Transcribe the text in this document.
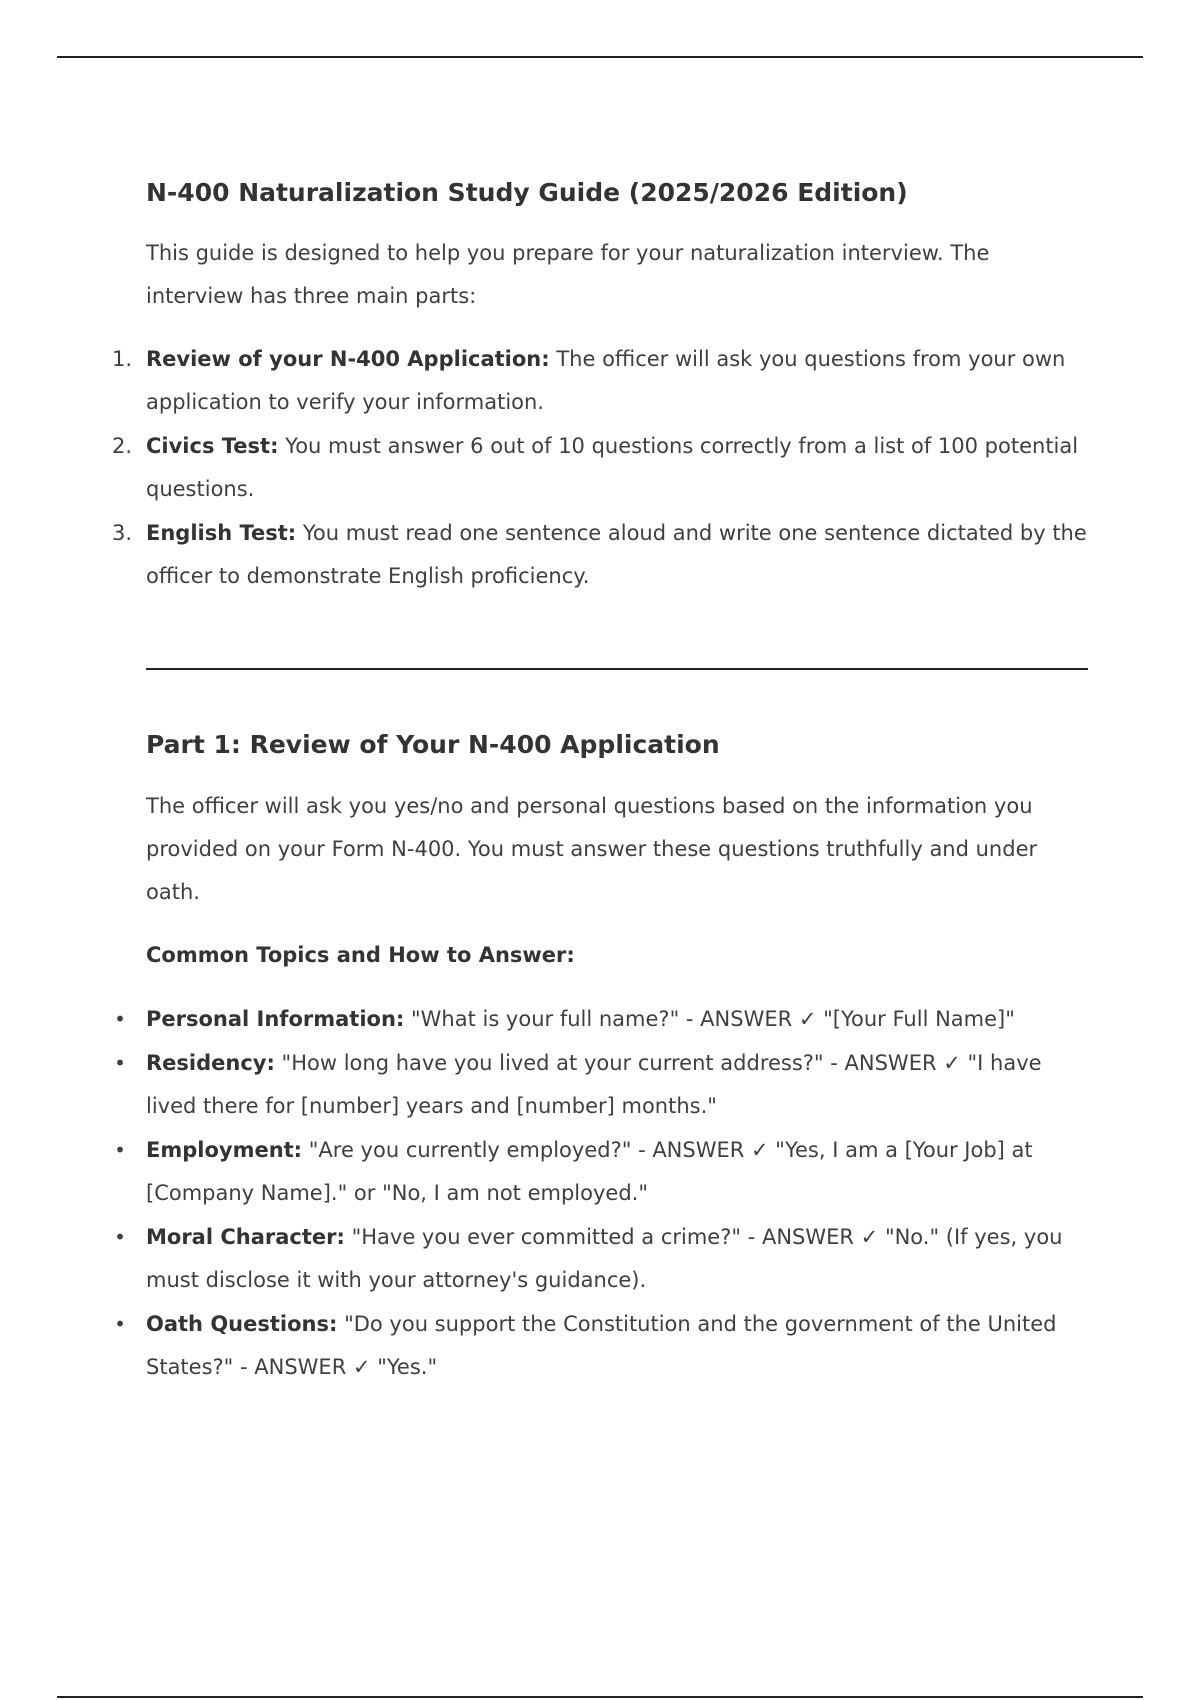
N-400 Naturalization Study Guide (2025/2026 Edition)

This guide is designed to help you prepare for your naturalization interview. The interview has three main parts:

1. Review of your N-400 Application: The officer will ask you questions from your own application to verify your information.
2. Civics Test: You must answer 6 out of 10 questions correctly from a list of 100 potential questions.
3. English Test: You must read one sentence aloud and write one sentence dictated by the officer to demonstrate English proficiency.
Part 1: Review of Your N-400 Application

The officer will ask you yes/no and personal questions based on the information you provided on your Form N-400. You must answer these questions truthfully and under oath.

Common Topics and How to Answer:

• Personal Information: "What is your full name?" - ANSWER ✓ "[Your Full Name]"
• Residency: "How long have you lived at your current address?" - ANSWER ✓ "I have lived there for [number] years and [number] months."
• Employment: "Are you currently employed?" - ANSWER ✓ "Yes, I am a [Your Job] at [Company Name]." or "No, I am not employed."
• Moral Character: "Have you ever committed a crime?" - ANSWER ✓ "No." (If yes, you must disclose it with your attorney's guidance).
• Oath Questions: "Do you support the Constitution and the government of the United States?" - ANSWER ✓ "Yes."
